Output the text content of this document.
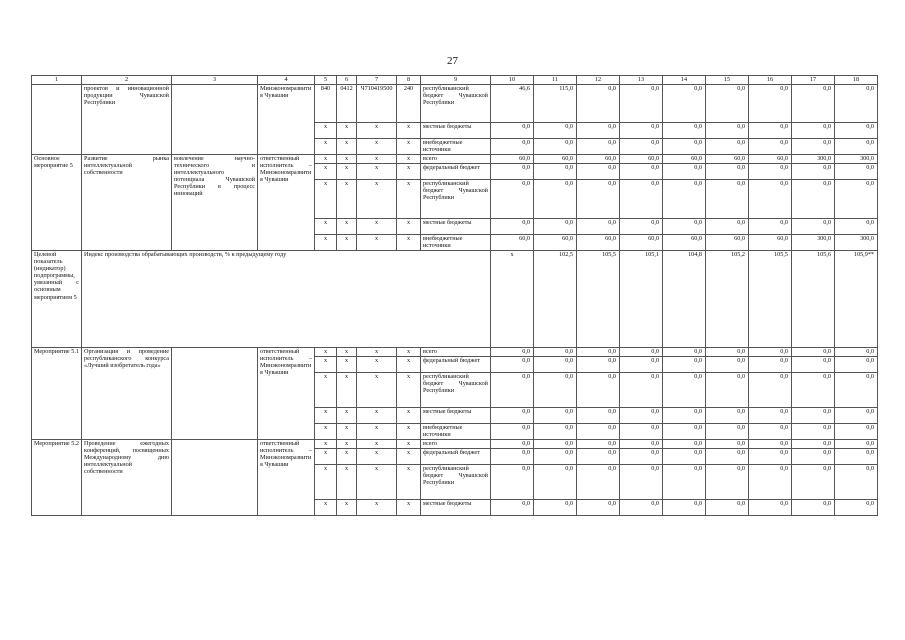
27
1	2	3	4	5	6	7	8	9	10	11	12	13	14	15	16	17	18	
	проектов и инновационной продукции Чувашской Республики		Минэкономразвития Чувашии	840	0412	Ч710419500	240	республиканский бюджет Чувашской Республики	46,6	115,0	0,0	0,0	0,0	0,0	0,0	0,0	0,0	
				x	x	x	x	местные бюджеты	0,0	0,0	0,0	0,0	0,0	0,0	0,0	0,0	0,0	
				x	x	x	x	внебюджетные источники	0,0	0,0	0,0	0,0	0,0	0,0	0,0	0,0	0,0	
Основное мероприятие 5	Развитие рынка интеллектуальной собственности	вовлечение научно-технического и интеллектуального потенциала Чувашской Республики в процесс инноваций	ответственный исполнитель – Минэкономразвития Чувашии	x	x	x	x	всего	60,0	60,0	60,0	60,0	60,0	60,0	60,0	300,0	300,0	
				x	x	x	x	федеральный бюджет	0,0	0,0	0,0	0,0	0,0	0,0	0,0	0,0	0,0	
				x	x	x	x	республиканский бюджет Чувашской Республики	0,0	0,0	0,0	0,0	0,0	0,0	0,0	0,0	0,0	
				x	x	x	x	местные бюджеты	0,0	0,0	0,0	0,0	0,0	0,0	0,0	0,0	0,0	
				x	x	x	x	внебюджетные источники	60,0	60,0	60,0	60,0	60,0	60,0	60,0	300,0	300,0	
Целевой показатель (индикатор) подпрограммы, увязанный с основным мероприятием 5	Индекс производства обрабатывающих производств, % к предыдущему году								x	102,5	105,5	105,1	104,8	105,2	105,5	105,6	105,9**	
Мероприятие 5.1	Организация и проведение республиканского конкурса «Лучший изобретатель года»		ответственный исполнитель – Минэкономразвития Чувашии	x	x	x	x	всего	0,0	0,0	0,0	0,0	0,0	0,0	0,0	0,0	0,0	
				x	x	x	x	федеральный бюджет	0,0	0,0	0,0	0,0	0,0	0,0	0,0	0,0	0,0	
				x	x	x	x	республиканский бюджет Чувашской Республики	0,0	0,0	0,0	0,0	0,0	0,0	0,0	0,0	0,0	
				x	x	x	x	местные бюджеты	0,0	0,0	0,0	0,0	0,0	0,0	0,0	0,0	0,0	
				x	x	x	x	внебюджетные источники	0,0	0,0	0,0	0,0	0,0	0,0	0,0	0,0	0,0	
Мероприятие 5.2	Проведение ежегодных конференций, посвященных Международному дню интеллектуальной собственности		ответственный исполнитель – Минэкономразвития Чувашии	x	x	x	x	всего	0,0	0,0	0,0	0,0	0,0	0,0	0,0	0,0	0,0	
				x	x	x	x	федеральный бюджет	0,0	0,0	0,0	0,0	0,0	0,0	0,0	0,0	0,0	
				x	x	x	x	республиканский бюджет Чувашской Республики	0,0	0,0	0,0	0,0	0,0	0,0	0,0	0,0	0,0	
				x	x	x	x	местные бюджеты	0,0	0,0	0,0	0,0	0,0	0,0	0,0	0,0	0,0	
